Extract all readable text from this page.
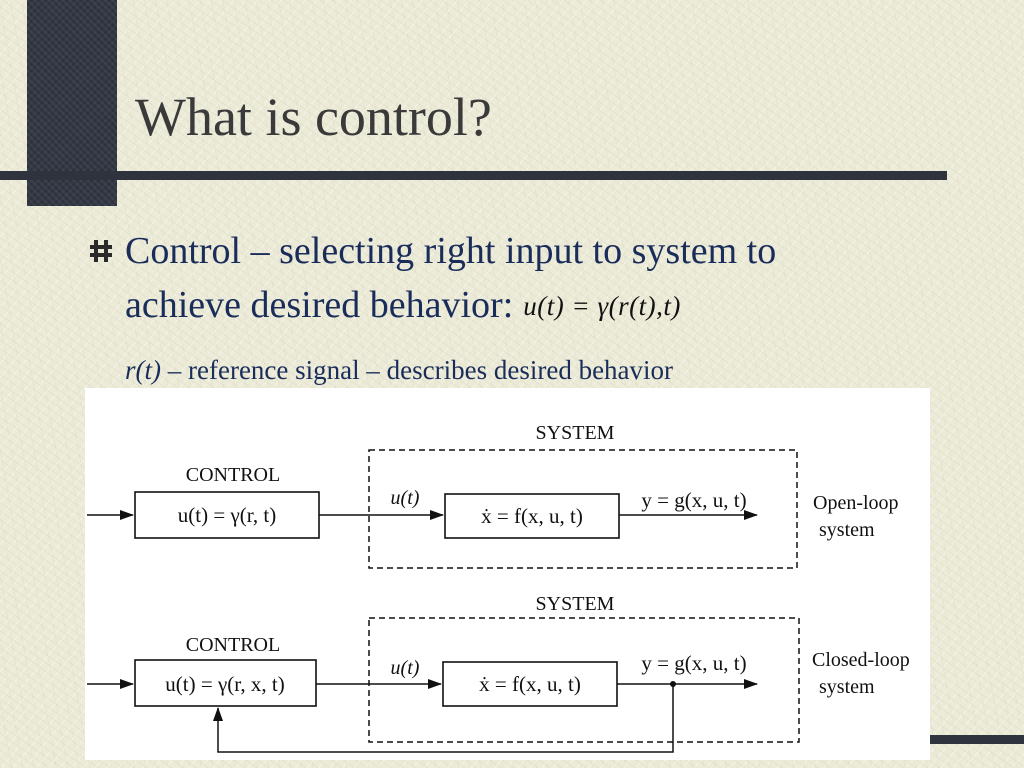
What is control?
Control – selecting right input to system to
achieve desired behavior: u(t) = γ(r(t),t)
r(t) – reference signal – describes desired behavior
SYSTEM
CONTROL
u(t) = γ(r, t)
u(t)
ẋ = f(x, u, t)
y = g(x, u, t)	Open-loop
system
SYSTEM
CONTROL
u(t) = γ(r, x, t)
u(t)
ẋ = f(x, u, t)
y = g(x, u, t)	Closed-loop
system
